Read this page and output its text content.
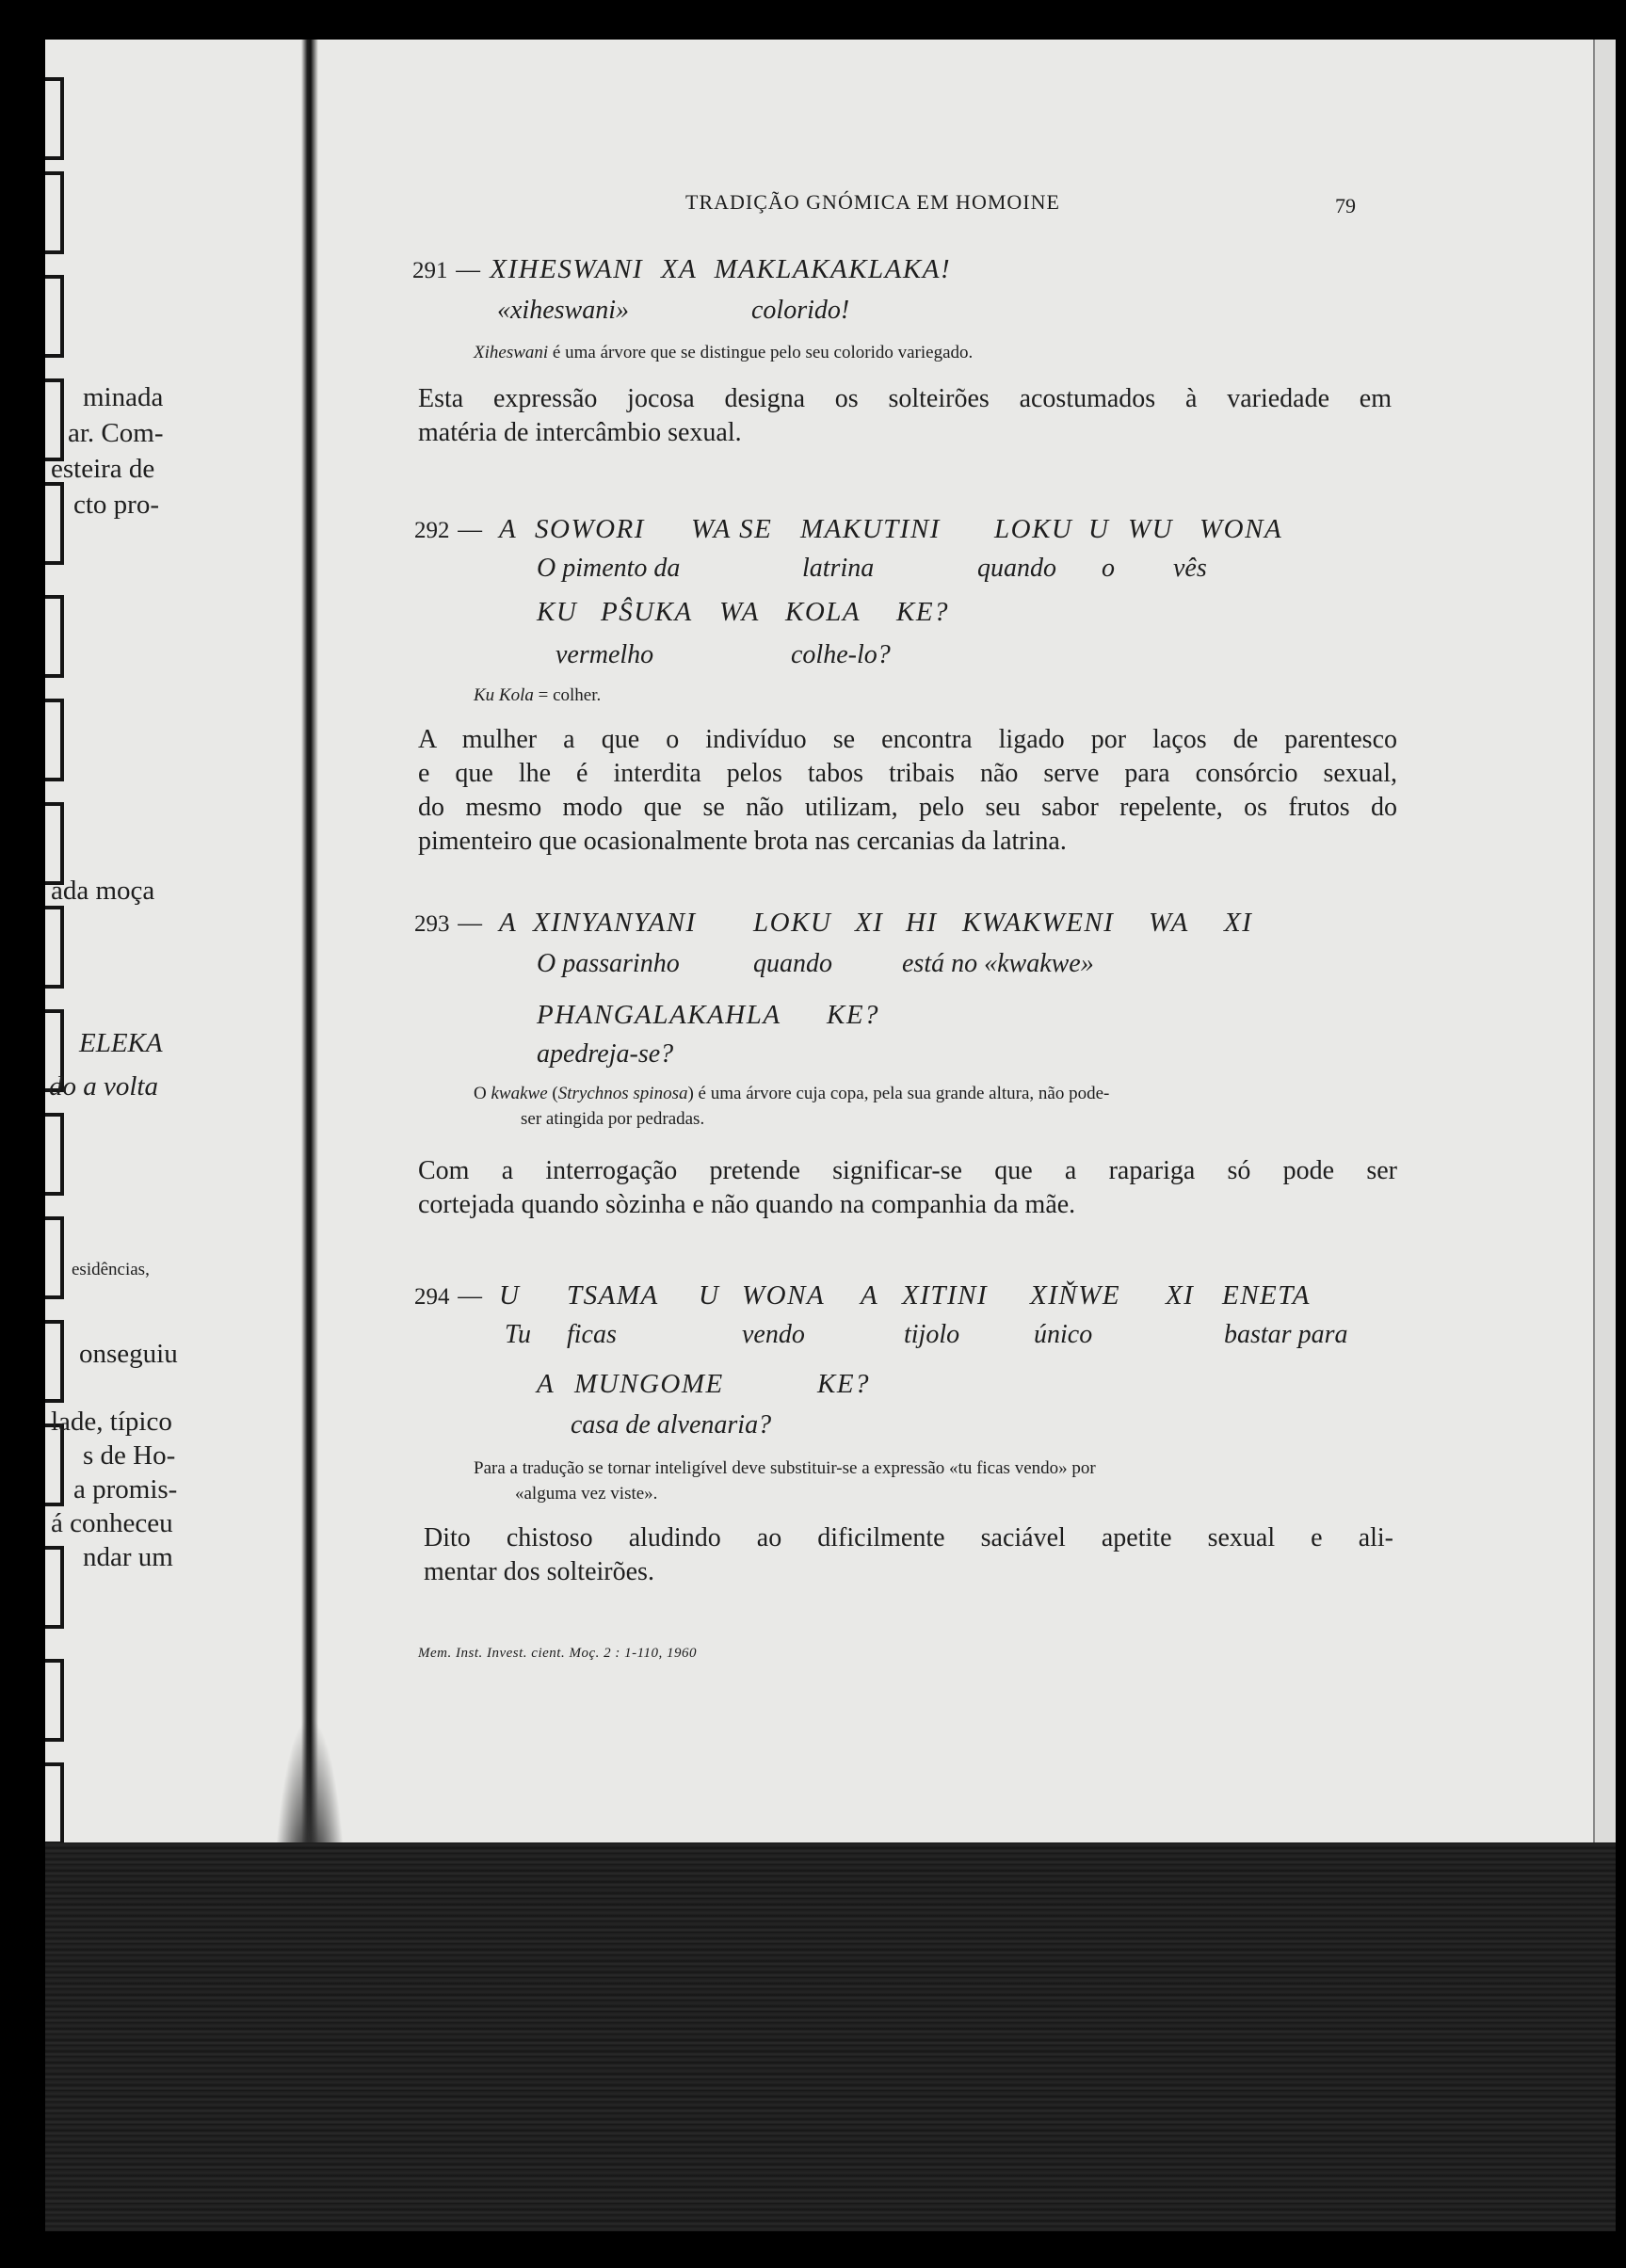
minada
ar. Com-
esteira de
cto pro-
ada moça
ELEKA
do a volta
esidências,
onseguiu
lade, típico
s de Ho-
a promis-
á conheceu
ndar um
TRADIÇÃO GNÓMICA EM HOMOINE	79
291 — XIHESWANI XA MAKLAKAKLAKA!
«xiheswani»	colorido!
Xiheswani é uma árvore que se distingue pelo seu colorido variegado.
Esta expressão jocosa designa os solteirões acostumados à variedade em
matéria de intercâmbio sexual.
292 — A SOWORI WA SE MAKUTINI LOKU U WU WONA
O pimento da	latrina	quando o vês
KU PŜUKA WA KOLA KE?
vermelho	colhe-lo?
Ku Kola = colher.
A mulher a que o indivíduo se encontra ligado por laços de parentesco
e que lhe é interdita pelos tabos tribais não serve para consórcio sexual,
do mesmo modo que se não utilizam, pelo seu sabor repelente, os frutos do
pimenteiro que ocasionalmente brota nas cercanias da latrina.
293 — A XINYANYANI LOKU XI HI KWAKWENI WA XI
O passarinho	quando	está no «kwakwe»
PHANGALAKAHLA KE?
apedreja-se?
O kwakwe (Strychnos spinosa) é uma árvore cuja copa, pela sua grande altura, não pode-
ser atingida por pedradas.
Com a interrogação pretende significar-se que a rapariga só pode ser
cortejada quando sòzinha e não quando na companhia da mãe.
294 — U TSAMA U WONA A XITINI XIŇWE XI ENETA
Tu ficas	vendo	tijolo	único	bastar para
A MUNGOME	KE?
casa de alvenaria?
Para a tradução se tornar inteligível deve substituir-se a expressão «tu ficas vendo» por
«alguma vez viste».
Dito chistoso aludindo ao dificilmente saciável apetite sexual e ali-
mentar dos solteirões.
Mem. Inst. Invest. cient. Moç. 2 : 1-110, 1960
